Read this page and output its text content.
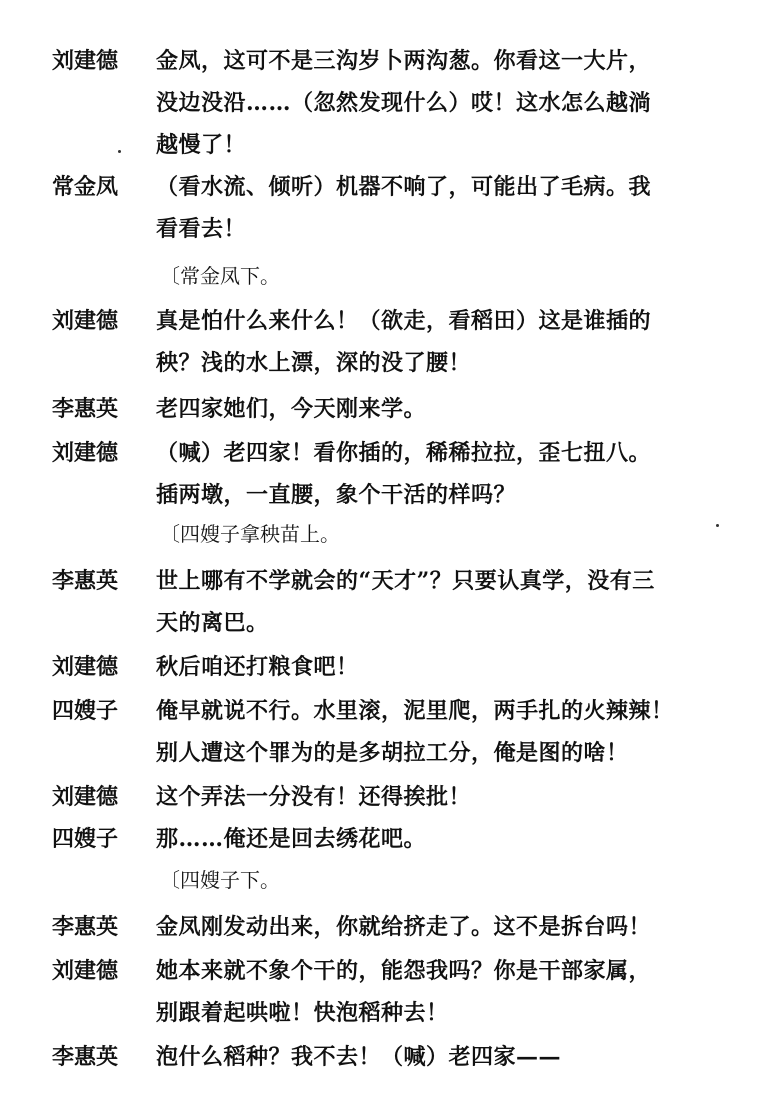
刘建德	金凤，这可不是三沟岁卜两沟葱。你看这一大片，
没边没沿……（忽然发现什么）哎！这水怎么越淌
越慢了！
常金凤	（看水流、倾听）机器不响了，可能出了毛病。我
看看去！
〔常金凤下。
刘建德	真是怕什么来什么！（欲走，看稻田）这是谁插的
秧？浅的水上漂，深的没了腰！
李惠英	老四家她们，今天刚来学。
刘建德	（喊）老四家！看你插的，稀稀拉拉，歪七扭八。
插两墩，一直腰，象个干活的样吗？
〔四嫂子拿秧苗上。
李惠英	世上哪有不学就会的“天才”？只要认真学，没有三
天的离巴。
刘建德	秋后咱还打粮食吧！
四嫂子	俺早就说不行。水里滚，泥里爬，两手扎的火辣辣！
别人遭这个罪为的是多胡拉工分，俺是图的啥！
刘建德	这个弄法一分没有！还得挨批！
四嫂子	那……俺还是回去绣花吧。
〔四嫂子下。
李惠英	金凤刚发动出来，你就给挤走了。这不是拆台吗！
刘建德	她本来就不象个干的，能怨我吗？你是干部家属，
别跟着起哄啦！快泡稻种去！
李惠英	泡什么稻种？我不去！（喊）老四家——
